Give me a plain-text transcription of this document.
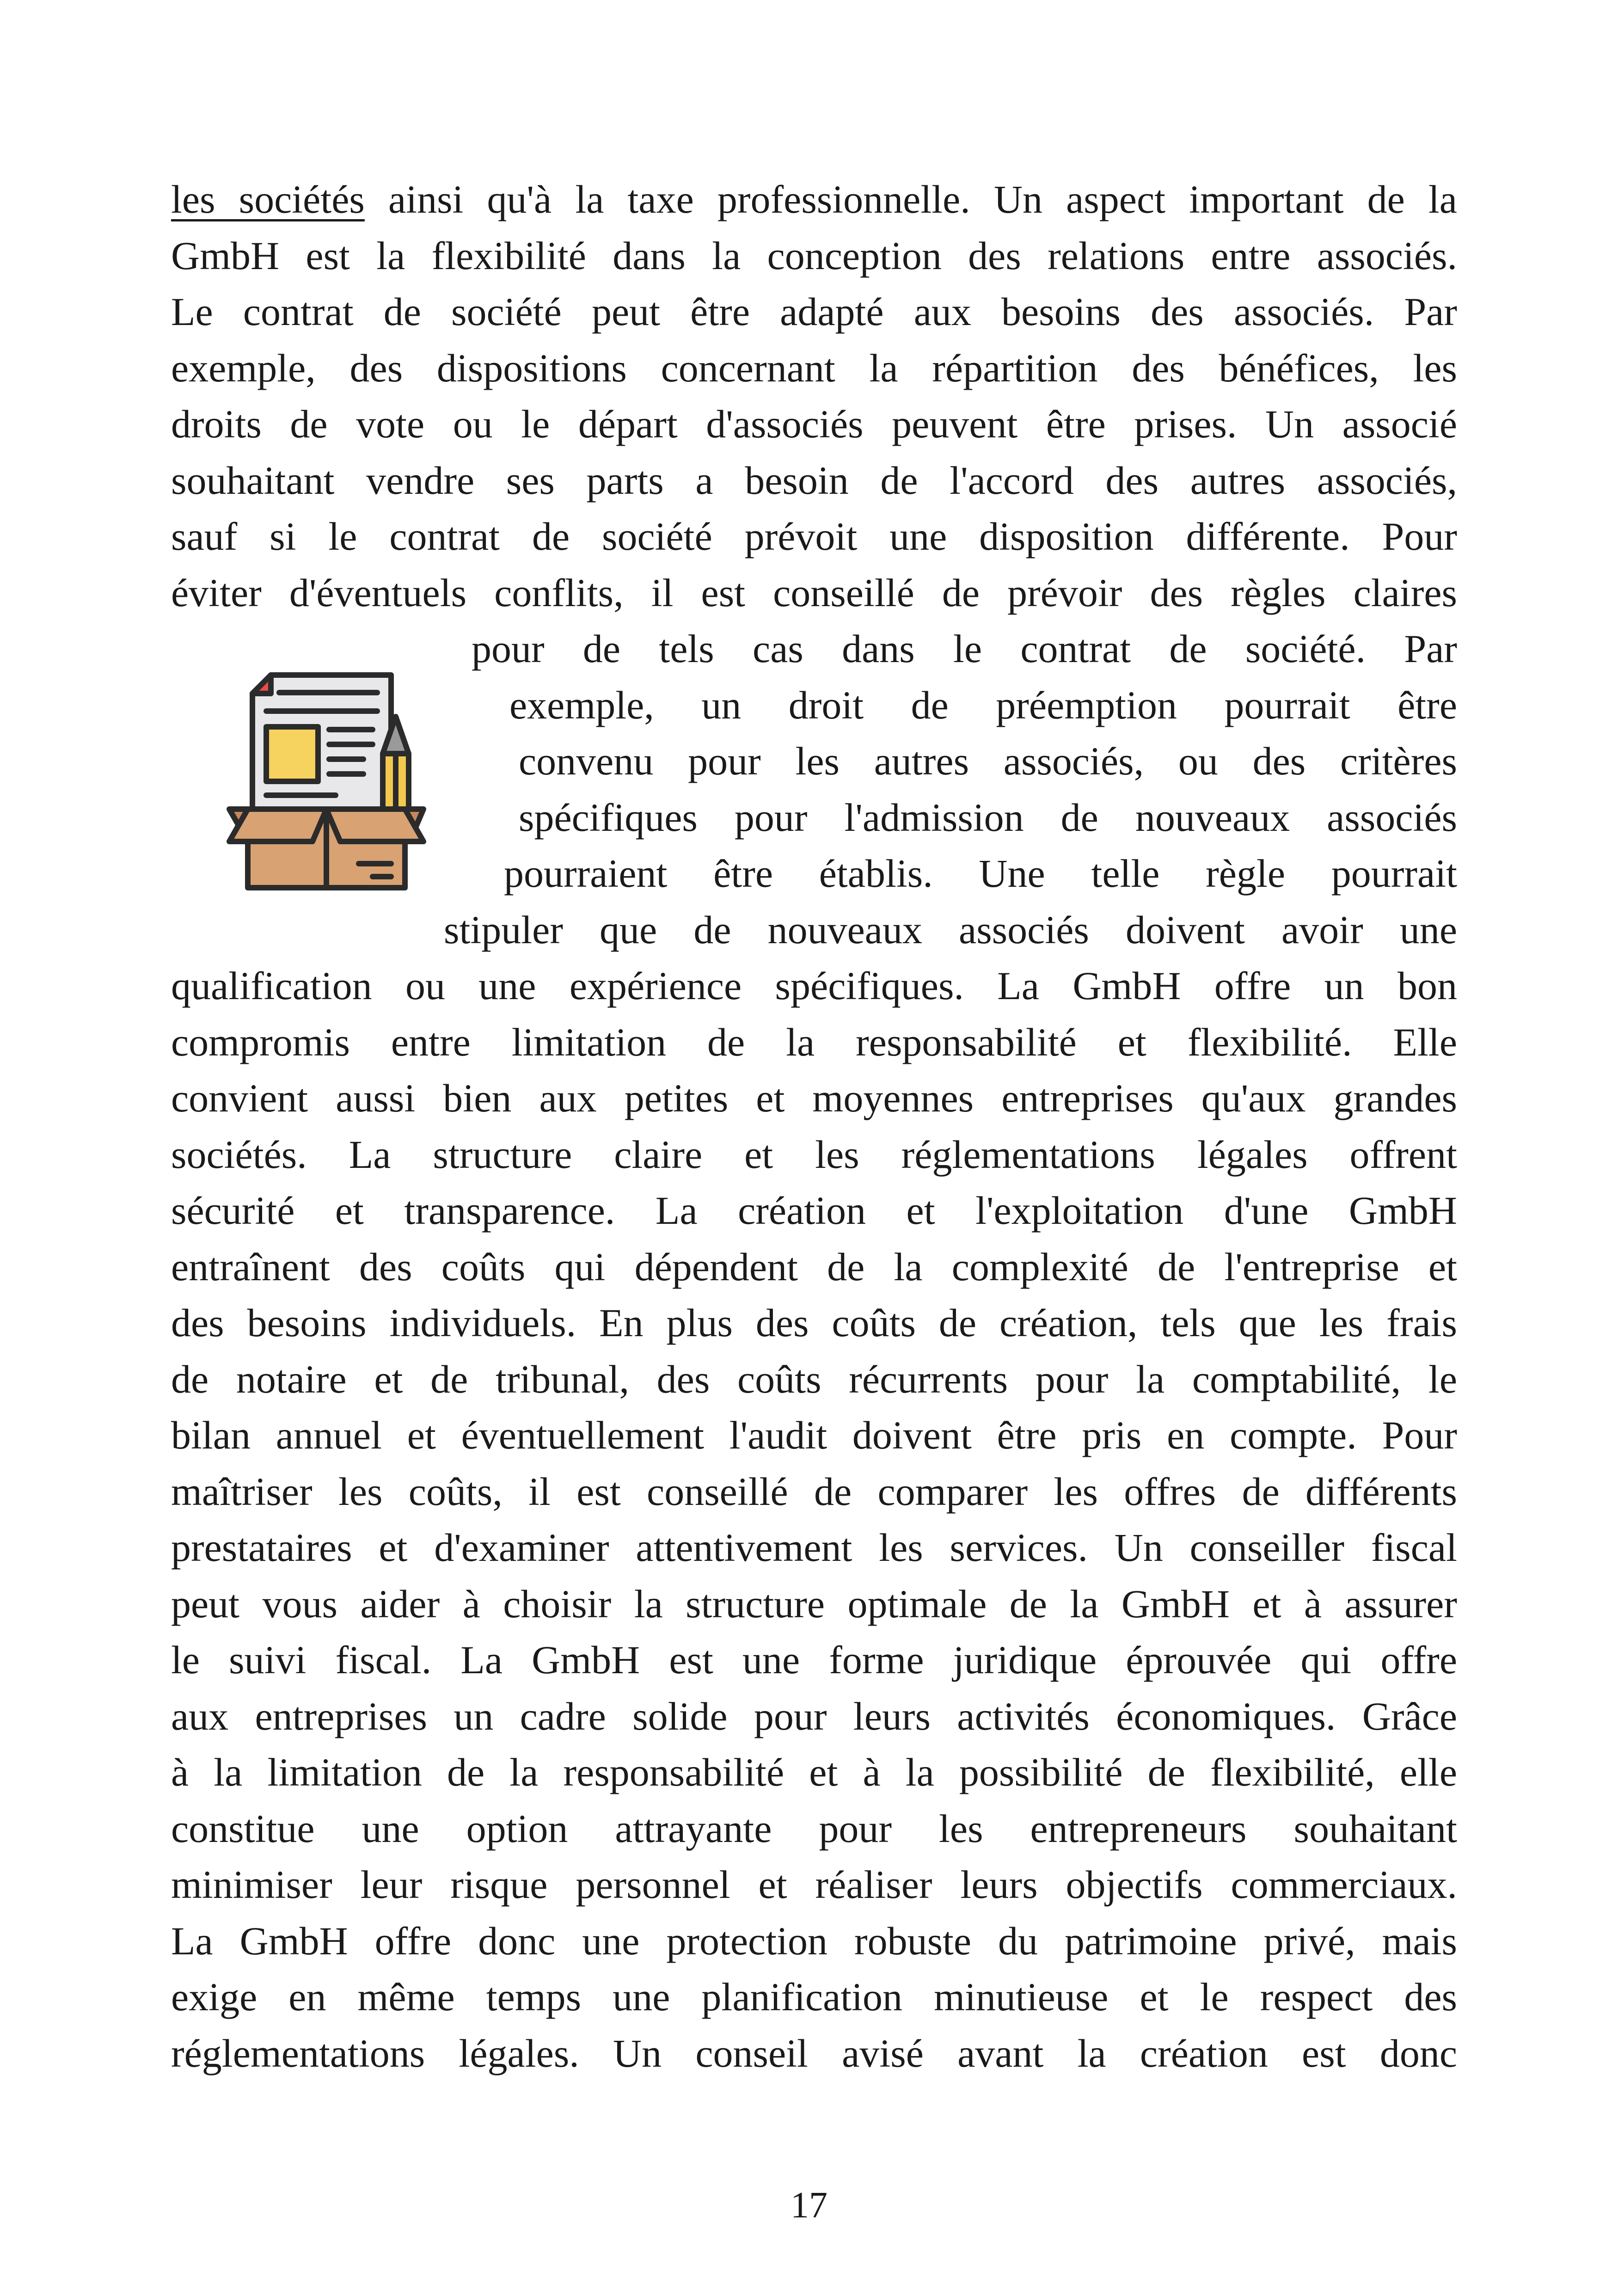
les sociétés ainsi qu'à la taxe professionnelle. Un aspect important de la
GmbH est la flexibilité dans la conception des relations entre associés.
Le contrat de société peut être adapté aux besoins des associés. Par
exemple, des dispositions concernant la répartition des bénéfices, les
droits de vote ou le départ d'associés peuvent être prises. Un associé
souhaitant vendre ses parts a besoin de l'accord des autres associés,
sauf si le contrat de société prévoit une disposition différente. Pour
éviter d'éventuels conflits, il est conseillé de prévoir des règles claires
pour de tels cas dans le contrat de société. Par
exemple, un droit de préemption pourrait être
convenu pour les autres associés, ou des critères
spécifiques pour l'admission de nouveaux associés
pourraient être établis. Une telle règle pourrait
stipuler que de nouveaux associés doivent avoir une
qualification ou une expérience spécifiques. La GmbH offre un bon
compromis entre limitation de la responsabilité et flexibilité. Elle
convient aussi bien aux petites et moyennes entreprises qu'aux grandes
sociétés. La structure claire et les réglementations légales offrent
sécurité et transparence. La création et l'exploitation d'une GmbH
entraînent des coûts qui dépendent de la complexité de l'entreprise et
des besoins individuels. En plus des coûts de création, tels que les frais
de notaire et de tribunal, des coûts récurrents pour la comptabilité, le
bilan annuel et éventuellement l'audit doivent être pris en compte. Pour
maîtriser les coûts, il est conseillé de comparer les offres de différents
prestataires et d'examiner attentivement les services. Un conseiller fiscal
peut vous aider à choisir la structure optimale de la GmbH et à assurer
le suivi fiscal. La GmbH est une forme juridique éprouvée qui offre
aux entreprises un cadre solide pour leurs activités économiques. Grâce
à la limitation de la responsabilité et à la possibilité de flexibilité, elle
constitue une option attrayante pour les entrepreneurs souhaitant
minimiser leur risque personnel et réaliser leurs objectifs commerciaux.
La GmbH offre donc une protection robuste du patrimoine privé, mais
exige en même temps une planification minutieuse et le respect des
réglementations légales. Un conseil avisé avant la création est donc
17
